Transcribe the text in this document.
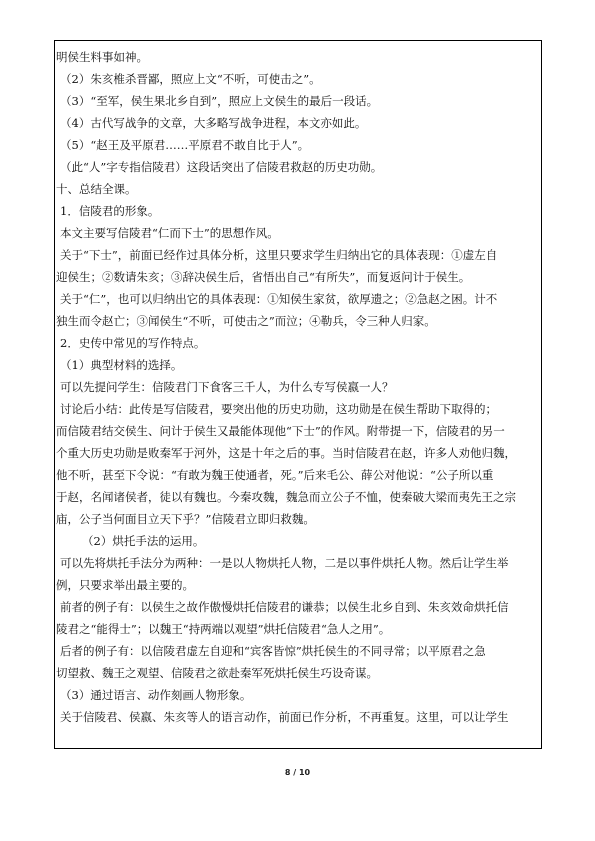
明侯生料事如神。
（2）朱亥椎杀晋鄙，照应上文“不听，可使击之”。
（3）“至军，侯生果北乡自到”，照应上文侯生的最后一段话。
（4）古代写战争的文章，大多略写战争进程，本文亦如此。
（5）“赵王及平原君……平原君不敢自比于人”。
（此“人”字专指信陵君）这段话突出了信陵君救赵的历史功勋。
十、总结全课。
1．信陵君的形象。
本文主要写信陵君“仁而下士”的思想作风。
关于“下士”，前面已经作过具体分析，这里只要求学生归纳出它的具体表现：①虚左自
迎侯生；②数请朱亥；③辞决侯生后，省悟出自己“有所失”，而复返问计于侯生。
关于“仁”，也可以归纳出它的具体表现：①知侯生家贫，欲厚遗之；②急赵之困。计不
独生而令赵亡；③闻侯生“不听，可使击之”而泣；④勒兵，令三种人归家。
2．史传中常见的写作特点。
（1）典型材料的选择。
可以先提问学生：信陵君门下食客三千人，为什么专写侯嬴一人？
讨论后小结：此传是写信陵君，要突出他的历史功勋，这功勋是在侯生帮助下取得的；
而信陵君结交侯生、问计于侯生又最能体现他“下士”的作风。附带提一下，信陵君的另一
个重大历史功勋是败秦军于河外，这是十年之后的事。当时信陵君在赵，许多人劝他归魏，
他不听，甚至下令说：“有敢为魏王使通者，死。”后来毛公、薛公对他说：“公子所以重
于赵，名闻诸侯者，徒以有魏也。今秦攻魏，魏急而立公子不恤，使秦破大梁而夷先王之宗
庙，公子当何面目立天下乎？”信陵君立即归救魏。
（2）烘托手法的运用。
可以先将烘托手法分为两种：一是以人物烘托人物，二是以事件烘托人物。然后让学生举
例，只要求举出最主要的。
前者的例子有：以侯生之故作傲慢烘托信陵君的谦恭；以侯生北乡自到、朱亥效命烘托信
陵君之“能得士”；以魏王“持两端以观望”烘托信陵君“急人之用”。
后者的例子有：以信陵君虚左自迎和“宾客皆惊”烘托侯生的不同寻常；以平原君之急
切望救、魏王之观望、信陵君之欲赴秦军死烘托侯生巧设奇谋。
（3）通过语言、动作刻画人物形象。
关于信陵君、侯嬴、朱亥等人的语言动作，前面已作分析，不再重复。这里，可以让学生
8 / 10
